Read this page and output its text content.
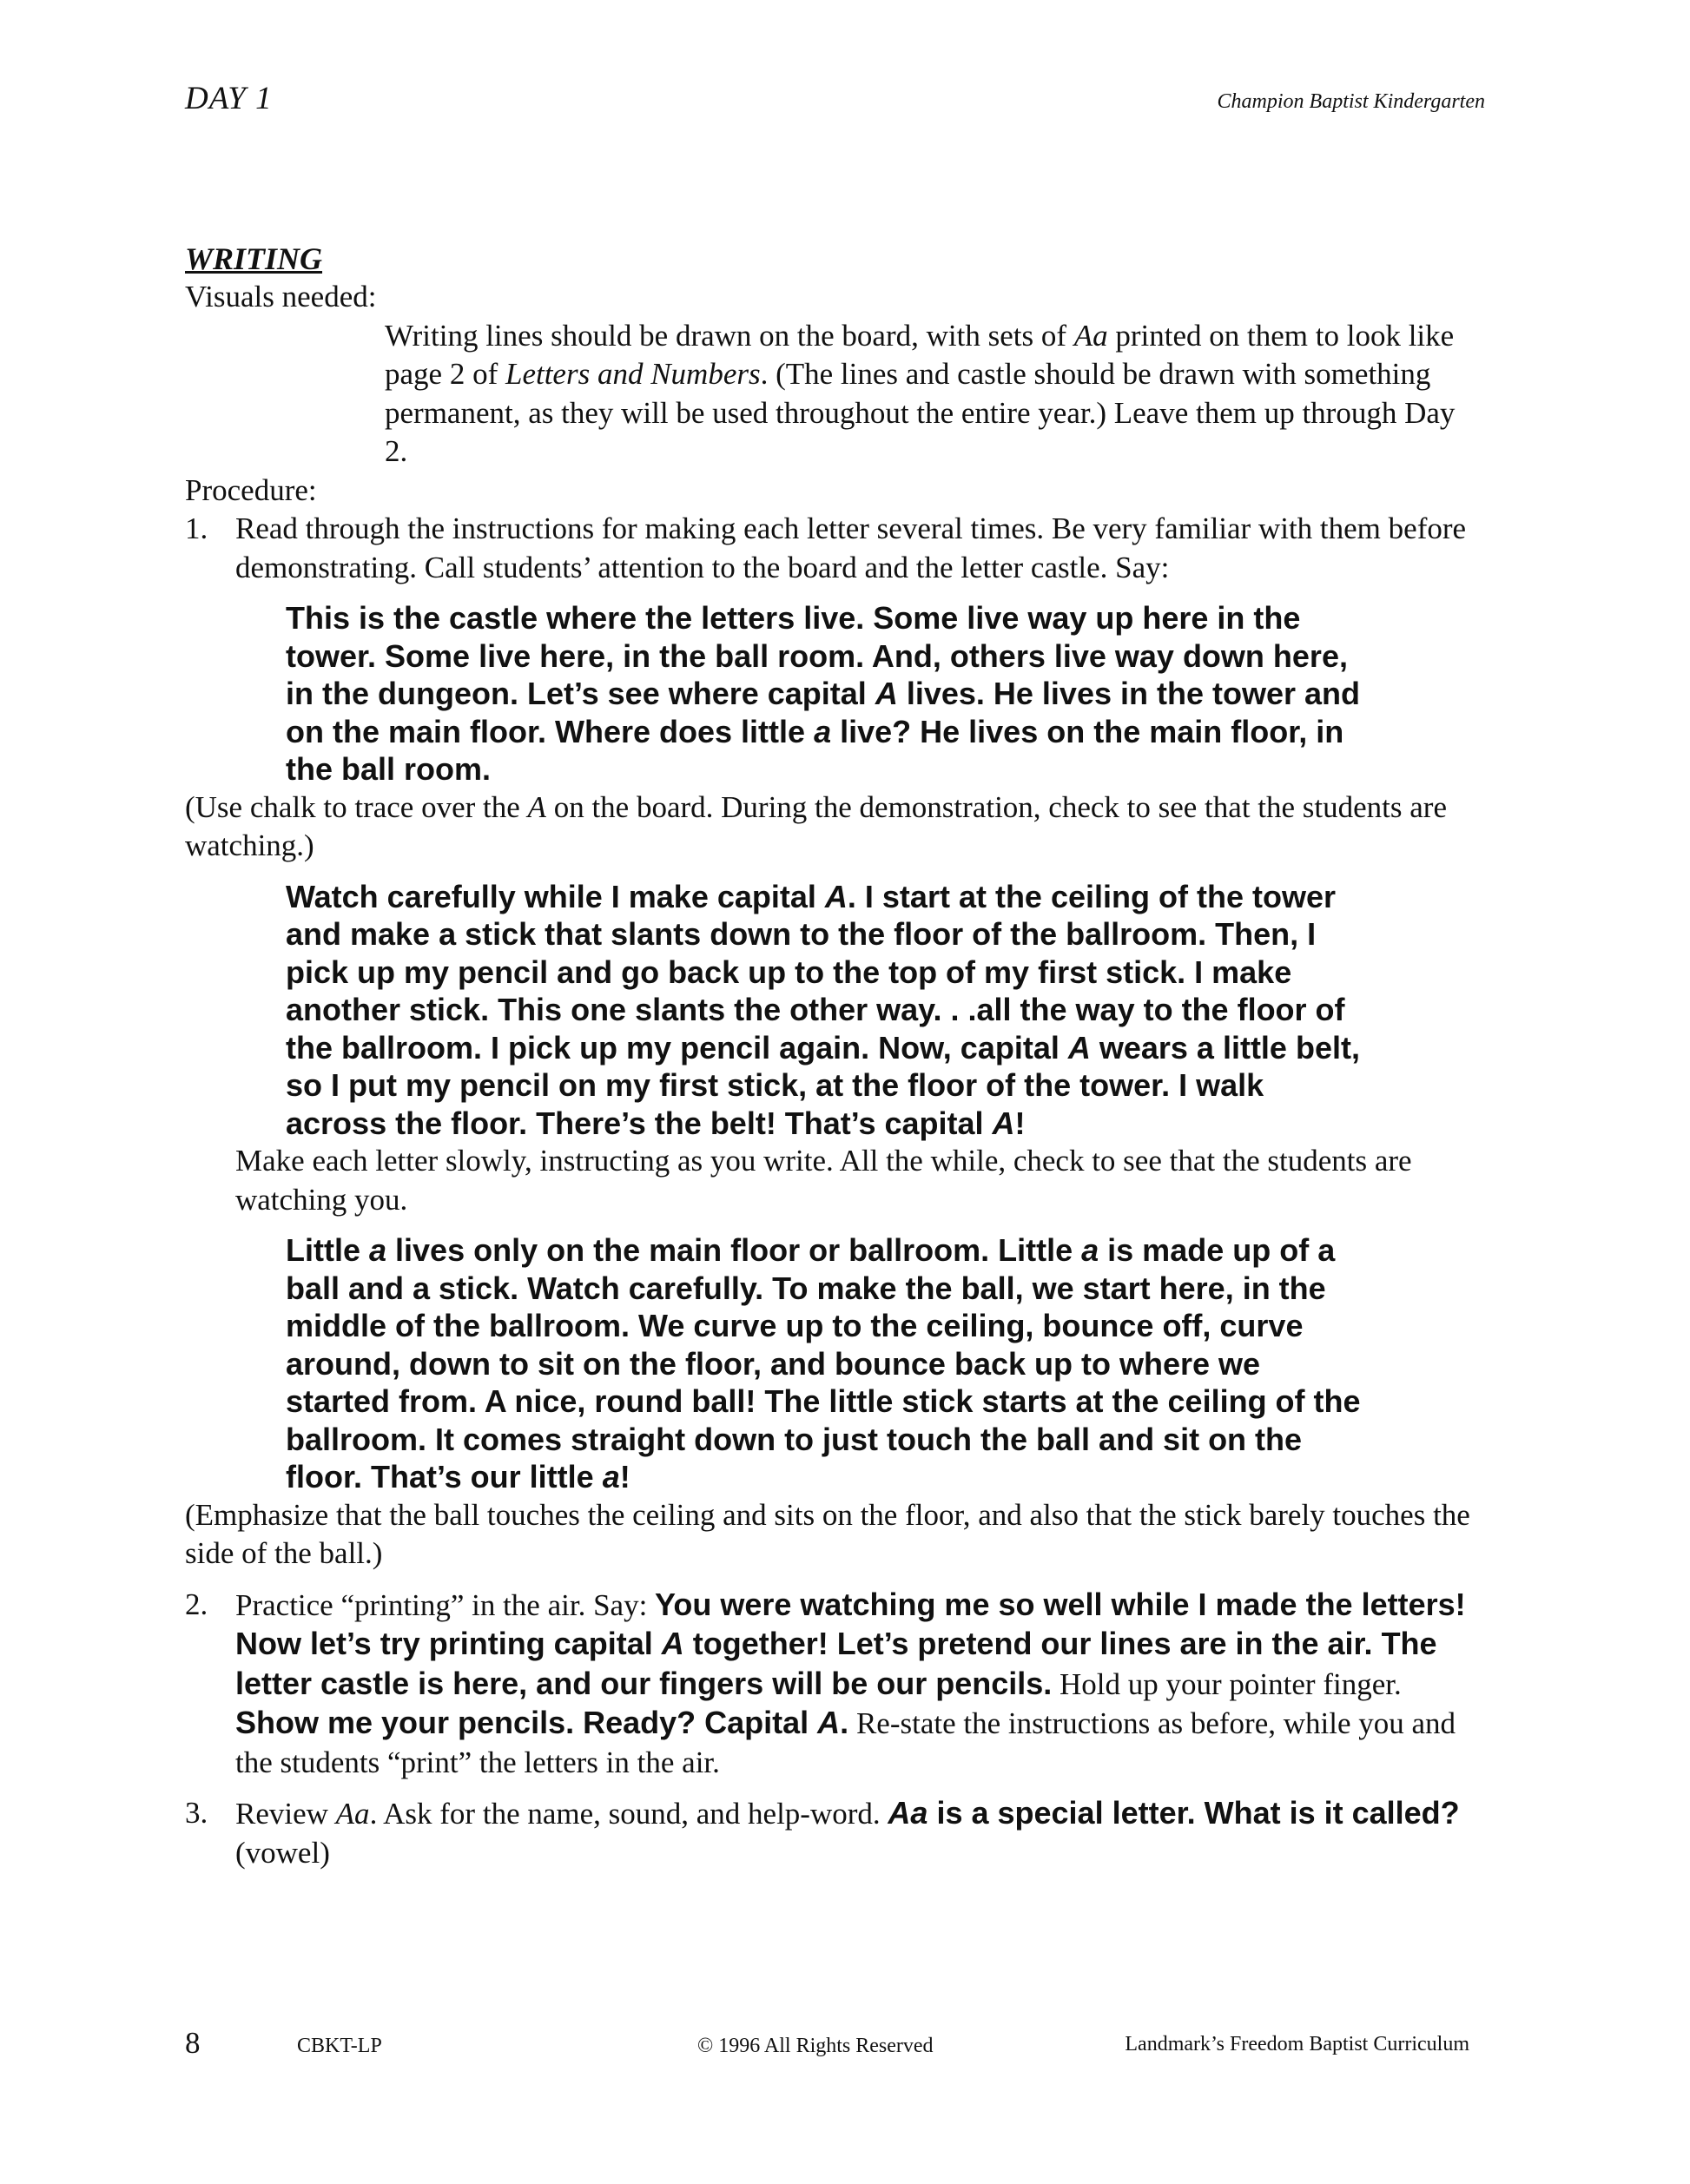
DAY 1	Champion Baptist Kindergarten
WRITING
Visuals needed:

Writing lines should be drawn on the board, with sets of Aa printed on them to look like page 2 of Letters and Numbers. (The lines and castle should be drawn with something permanent, as they will be used throughout the entire year.) Leave them up through Day 2.

Procedure:
1. Read through the instructions for making each letter several times. Be very familiar with them before demonstrating. Call students’ attention to the board and the letter castle. Say:

This is the castle where the letters live. Some live way up here in the tower. Some live here, in the ball room. And, others live way down here, in the dungeon. Let’s see where capital A lives. He lives in the tower and on the main floor. Where does little a live? He lives on the main floor, in the ball room.

(Use chalk to trace over the A on the board. During the demonstration, check to see that the students are watching.)

Watch carefully while I make capital A. I start at the ceiling of the tower and make a stick that slants down to the floor of the ballroom. Then, I pick up my pencil and go back up to the top of my first stick. I make another stick. This one slants the other way. . .all the way to the floor of the ballroom. I pick up my pencil again. Now, capital A wears a little belt, so I put my pencil on my first stick, at the floor of the tower. I walk across the floor. There’s the belt! That’s capital A!

Make each letter slowly, instructing as you write. All the while, check to see that the students are watching you.

Little a lives only on the main floor or ballroom. Little a is made up of a ball and a stick. Watch carefully. To make the ball, we start here, in the middle of the ballroom. We curve up to the ceiling, bounce off, curve around, down to sit on the floor, and bounce back up to where we started from. A nice, round ball! The little stick starts at the ceiling of the ballroom. It comes straight down to just touch the ball and sit on the floor. That’s our little a!

(Emphasize that the ball touches the ceiling and sits on the floor, and also that the stick barely touches the side of the ball.)

2. Practice “printing” in the air. Say: You were watching me so well while I made the letters! Now let’s try printing capital A together! Let’s pretend our lines are in the air. The letter castle is here, and our fingers will be our pencils. Hold up your pointer finger. Show me your pencils. Ready? Capital A. Re-state the instructions as before, while you and the students “print” the letters in the air.

3. Review Aa. Ask for the name, sound, and help-word. Aa is a special letter. What is it called? (vowel)

8	CBKT-LP	© 1996 All Rights Reserved	Landmark’s Freedom Baptist Curriculum
